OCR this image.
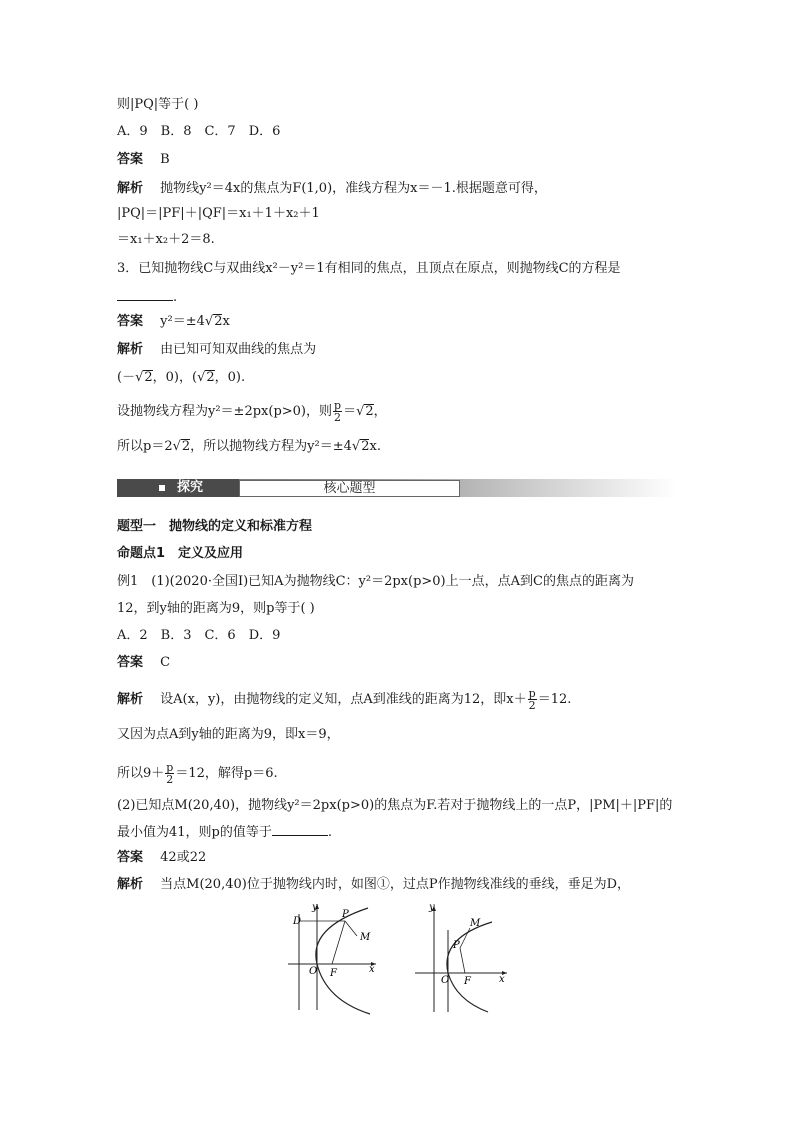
则|PQ|等于( )
A．9　B．8　C．7　D．6
答案　 B
解析　 抛物线y²＝4x的焦点为F(1,0)，准线方程为x＝－1.根据题意可得，
|PQ|＝|PF|＋|QF|＝x₁＋1＋x₂＋1
＝x₁＋x₂＋2＝8.
3．已知抛物线C与双曲线x²－y²＝1有相同的焦点，且顶点在原点，则抛物线C的方程是
.
答案　 y²＝±4√2x
解析　 由已知可知双曲线的焦点为
(－√2，0)，(√2，0).
设抛物线方程为y²＝±2px(p>0)，则 $\frac{p}{2} =√2$，
所以p＝2√2，所以抛物线方程为y²＝±4√2x.
探究	核心题型
题型一　抛物线的定义和标准方程
命题点1　定义及应用
例1　(1)(2020·全国Ⅰ)已知A为抛物线C：y²＝2px(p>0)上一点，点A到C的焦点的距离为
12，到y轴的距离为9，则p等于( )
A．2　B．3　C．6　D．9
答案　 C
解析　 设A(x，y)，由抛物线的定义知，点A到准线的距离为12，即$x+ \frac{p}{2} =12$.
又因为点A到y轴的距离为9，即x＝9，
所以$9+ \frac{p}{2} =12$，解得p＝6.
(2)已知点M(20,40)，抛物线y²＝2px(p>0)的焦点为F.若对于抛物线上的一点P，|PM|＋|PF|的
最小值为41，则p的值等于	.
答案　 42或22
解析　 当点M(20,40)位于抛物线内时，如图①，过点P作抛物线准线的垂线，垂足为D，
D
y
P
M
O F	x
M
y
P
O F	x
